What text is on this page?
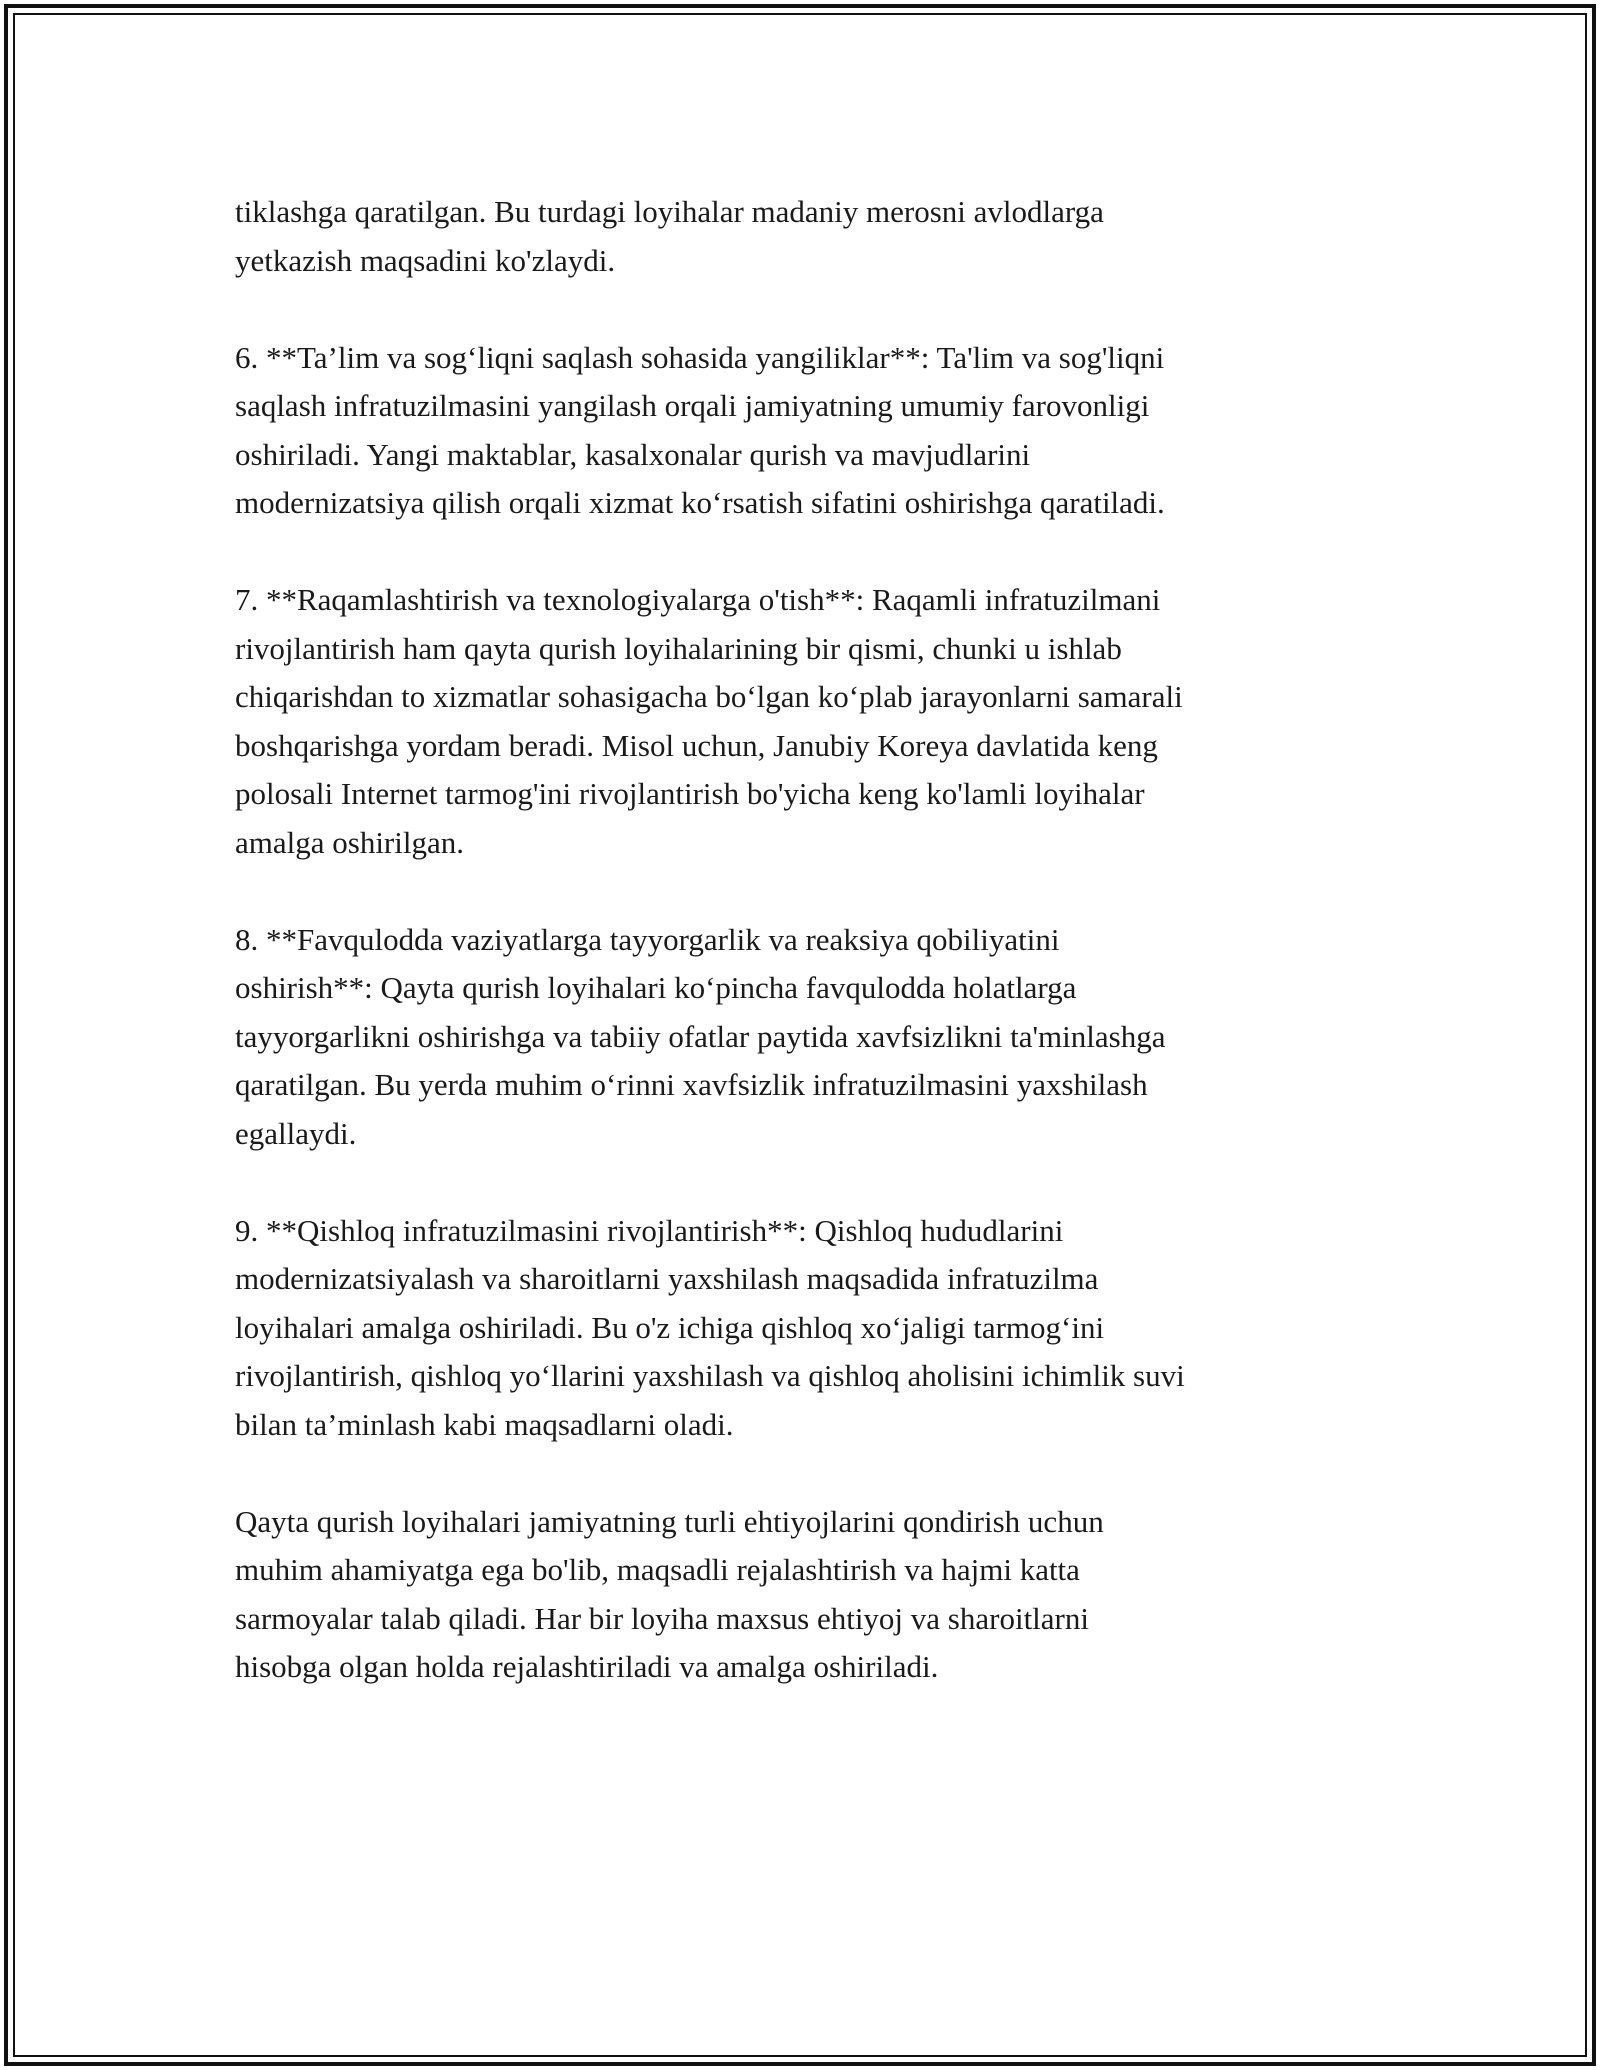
tiklashga qaratilgan. Bu turdagi loyihalar madaniy merosni avlodlarga
yetkazish maqsadini ko'zlaydi.

6. **Ta’lim va sog‘liqni saqlash sohasida yangiliklar**: Ta'lim va sog'liqni
saqlash infratuzilmasini yangilash orqali jamiyatning umumiy farovonligi
oshiriladi. Yangi maktablar, kasalxonalar qurish va mavjudlarini
modernizatsiya qilish orqali xizmat ko‘rsatish sifatini oshirishga qaratiladi.

7. **Raqamlashtirish va texnologiyalarga o'tish**: Raqamli infratuzilmani
rivojlantirish ham qayta qurish loyihalarining bir qismi, chunki u ishlab
chiqarishdan to xizmatlar sohasigacha bo‘lgan ko‘plab jarayonlarni samarali
boshqarishga yordam beradi. Misol uchun, Janubiy Koreya davlatida keng
polosali Internet tarmog'ini rivojlantirish bo'yicha keng ko'lamli loyihalar
amalga oshirilgan.

8. **Favqulodda vaziyatlarga tayyorgarlik va reaksiya qobiliyatini
oshirish**: Qayta qurish loyihalari ko‘pincha favqulodda holatlarga
tayyorgarlikni oshirishga va tabiiy ofatlar paytida xavfsizlikni ta'minlashga
qaratilgan. Bu yerda muhim o‘rinni xavfsizlik infratuzilmasini yaxshilash
egallaydi.

9. **Qishloq infratuzilmasini rivojlantirish**: Qishloq hududlarini
modernizatsiyalash va sharoitlarni yaxshilash maqsadida infratuzilma
loyihalari amalga oshiriladi. Bu o'z ichiga qishloq xo‘jaligi tarmog‘ini
rivojlantirish, qishloq yo‘llarini yaxshilash va qishloq aholisini ichimlik suvi
bilan ta’minlash kabi maqsadlarni oladi.

Qayta qurish loyihalari jamiyatning turli ehtiyojlarini qondirish uchun
muhim ahamiyatga ega bo'lib, maqsadli rejalashtirish va hajmi katta
sarmoyalar talab qiladi. Har bir loyiha maxsus ehtiyoj va sharoitlarni
hisobga olgan holda rejalashtiriladi va amalga oshiriladi.
